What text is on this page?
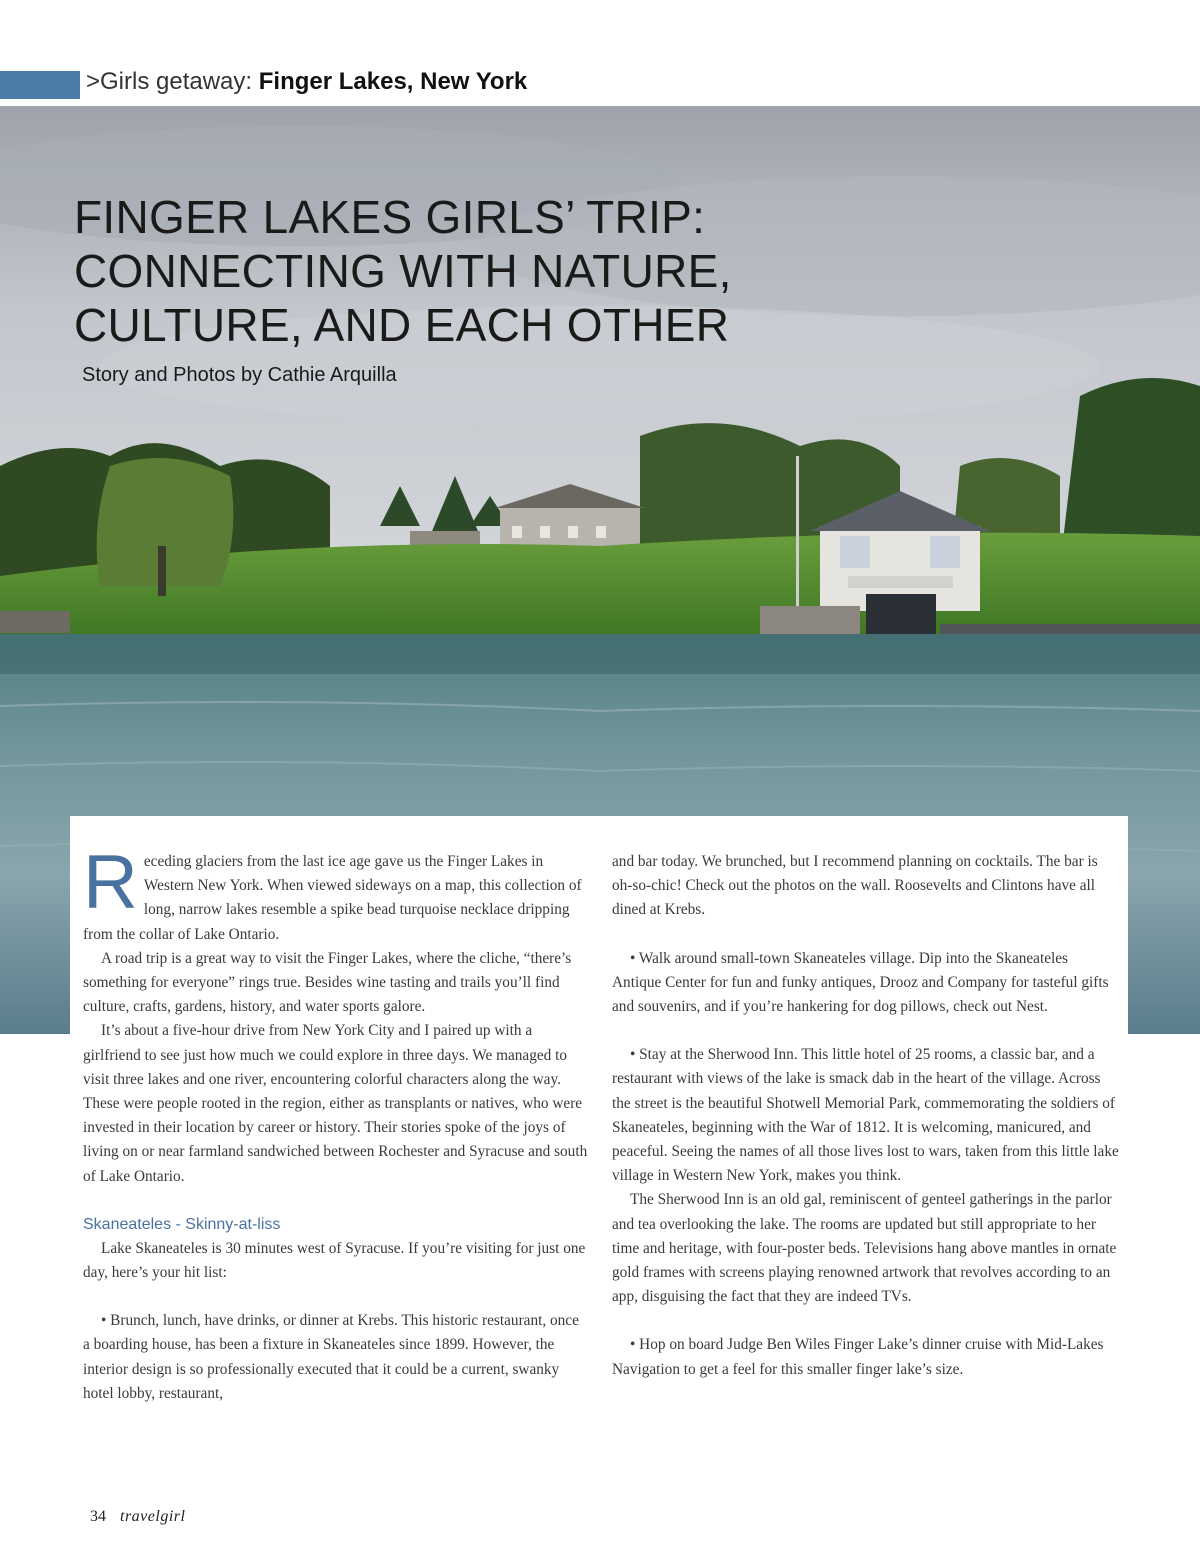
>Girls getaway: Finger Lakes, New York
FINGER LAKES GIRLS’ TRIP:
CONNECTING WITH NATURE,
CULTURE, AND EACH OTHER
Story and Photos by Cathie Arquilla

Receding glaciers from the last ice age gave us the Finger Lakes in Western New York. When viewed sideways on a map, this collection of long, narrow lakes resemble a spike bead turquoise necklace dripping from the collar of Lake Ontario.

A road trip is a great way to visit the Finger Lakes, where the cliche, “there’s something for everyone” rings true. Besides wine tasting and trails you’ll find culture, crafts, gardens, history, and water sports galore.

It’s about a five-hour drive from New York City and I paired up with a girlfriend to see just how much we could explore in three days. We managed to visit three lakes and one river, encountering colorful characters along the way. These were people rooted in the region, either as transplants or natives, who were invested in their location by career or history. Their stories spoke of the joys of living on or near farmland sandwiched between Rochester and Syracuse and south of Lake Ontario.

Skaneateles - Skinny-at-liss

Lake Skaneateles is 30 minutes west of Syracuse. If you’re visiting for just one day, here’s your hit list:

• Brunch, lunch, have drinks, or dinner at Krebs. This historic restaurant, once a boarding house, has been a fixture in Skaneateles since 1899. However, the interior design is so professionally executed that it could be a current, swanky hotel lobby, restaurant,

and bar today. We brunched, but I recommend planning on cocktails. The bar is oh-so-chic! Check out the photos on the wall. Roosevelts and Clintons have all dined at Krebs.

• Walk around small-town Skaneateles village. Dip into the Skaneateles Antique Center for fun and funky antiques, Drooz and Company for tasteful gifts and souvenirs, and if you’re hankering for dog pillows, check out Nest.

• Stay at the Sherwood Inn. This little hotel of 25 rooms, a classic bar, and a restaurant with views of the lake is smack dab in the heart of the village. Across the street is the beautiful Shotwell Memorial Park, commemorating the soldiers of Skaneateles, beginning with the War of 1812. It is welcoming, manicured, and peaceful. Seeing the names of all those lives lost to wars, taken from this little lake village in Western New York, makes you think.

The Sherwood Inn is an old gal, reminiscent of genteel gatherings in the parlor and tea overlooking the lake. The rooms are updated but still appropriate to her time and heritage, with four-poster beds. Televisions hang above mantles in ornate gold frames with screens playing renowned artwork that revolves according to an app, disguising the fact that they are indeed TVs.

• Hop on board Judge Ben Wiles Finger Lake’s dinner cruise with Mid-Lakes Navigation to get a feel for this smaller finger lake’s size.

34 travelgirl
